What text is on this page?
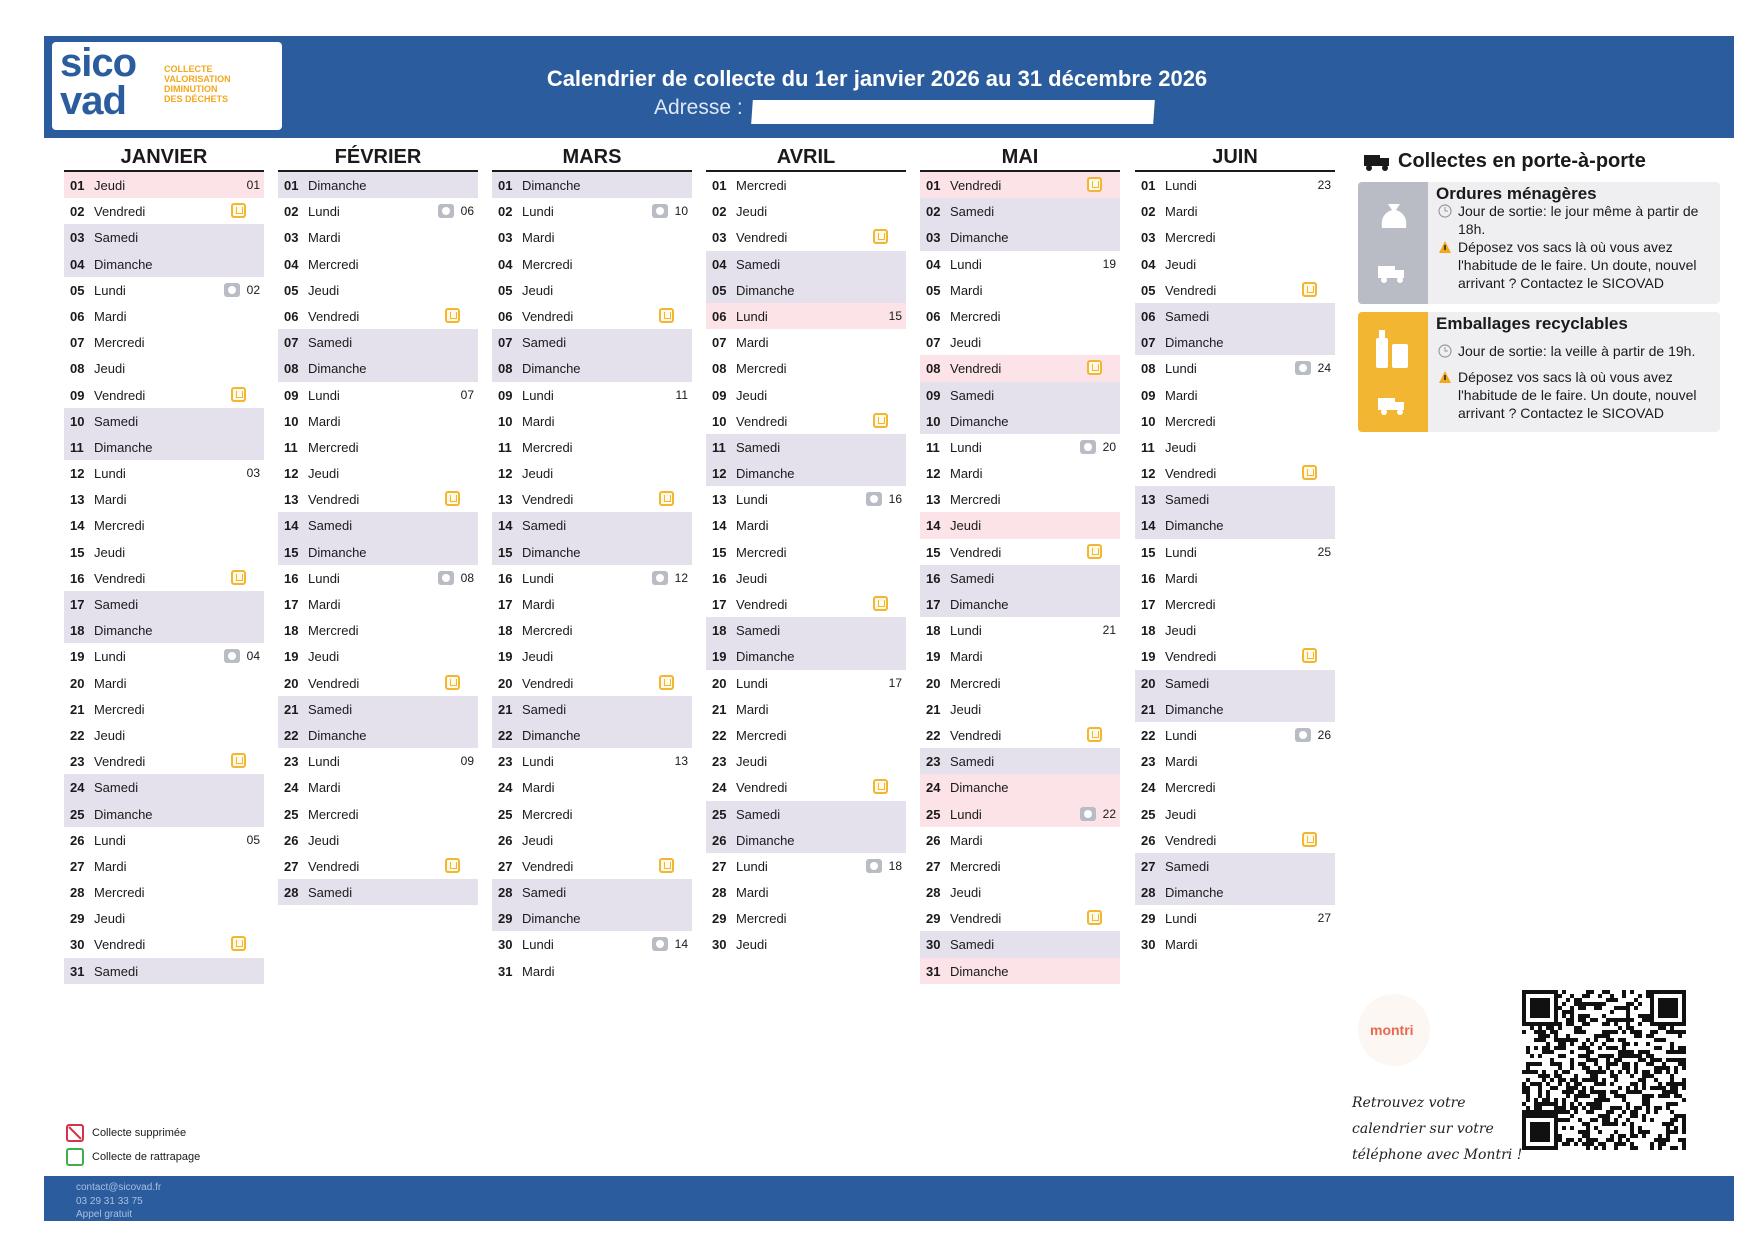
sico
vad
COLLECTE
VALORISATION
DIMINUTION
DES DÉCHETS
Calendrier de collecte du 1er janvier 2026 au 31 décembre 2026
Adresse :
JANVIER
01 Jeudi	01
02 Vendredi
03 Samedi
04 Dimanche
05 Lundi	02
06 Mardi
07 Mercredi
08 Jeudi
09 Vendredi
10 Samedi
11 Dimanche
12 Lundi	03
13 Mardi
14 Mercredi
15 Jeudi
16 Vendredi
17 Samedi
18 Dimanche
19 Lundi	04
20 Mardi
21 Mercredi
22 Jeudi
23 Vendredi
24 Samedi
25 Dimanche
26 Lundi	05
27 Mardi
28 Mercredi
29 Jeudi
30 Vendredi
31 Samedi
FÉVRIER
01 Dimanche
02 Lundi	06
03 Mardi
04 Mercredi
05 Jeudi
06 Vendredi
07 Samedi
08 Dimanche
09 Lundi	07
10 Mardi
11 Mercredi
12 Jeudi
13 Vendredi
14 Samedi
15 Dimanche
16 Lundi	08
17 Mardi
18 Mercredi
19 Jeudi
20 Vendredi
21 Samedi
22 Dimanche
23 Lundi	09
24 Mardi
25 Mercredi
26 Jeudi
27 Vendredi
28 Samedi
MARS
01 Dimanche
02 Lundi	10
03 Mardi
04 Mercredi
05 Jeudi
06 Vendredi
07 Samedi
08 Dimanche
09 Lundi	11
10 Mardi
11 Mercredi
12 Jeudi
13 Vendredi
14 Samedi
15 Dimanche
16 Lundi	12
17 Mardi
18 Mercredi
19 Jeudi
20 Vendredi
21 Samedi
22 Dimanche
23 Lundi	13
24 Mardi
25 Mercredi
26 Jeudi
27 Vendredi
28 Samedi
29 Dimanche
30 Lundi	14
31 Mardi
AVRIL
01 Mercredi
02 Jeudi
03 Vendredi
04 Samedi
05 Dimanche
06 Lundi	15
07 Mardi
08 Mercredi
09 Jeudi
10 Vendredi
11 Samedi
12 Dimanche
13 Lundi	16
14 Mardi
15 Mercredi
16 Jeudi
17 Vendredi
18 Samedi
19 Dimanche
20 Lundi	17
21 Mardi
22 Mercredi
23 Jeudi
24 Vendredi
25 Samedi
26 Dimanche
27 Lundi	18
28 Mardi
29 Mercredi
30 Jeudi
MAI
01 Vendredi
02 Samedi
03 Dimanche
04 Lundi	19
05 Mardi
06 Mercredi
07 Jeudi
08 Vendredi
09 Samedi
10 Dimanche
11 Lundi	20
12 Mardi
13 Mercredi
14 Jeudi
15 Vendredi
16 Samedi
17 Dimanche
18 Lundi	21
19 Mardi
20 Mercredi
21 Jeudi
22 Vendredi
23 Samedi
24 Dimanche
25 Lundi	22
26 Mardi
27 Mercredi
28 Jeudi
29 Vendredi
30 Samedi
31 Dimanche
JUIN
01 Lundi	23
02 Mardi
03 Mercredi
04 Jeudi
05 Vendredi
06 Samedi
07 Dimanche
08 Lundi	24
09 Mardi
10 Mercredi
11 Jeudi
12 Vendredi
13 Samedi
14 Dimanche
15 Lundi	25
16 Mardi
17 Mercredi
18 Jeudi
19 Vendredi
20 Samedi
21 Dimanche
22 Lundi	26
23 Mardi
24 Mercredi
25 Jeudi
26 Vendredi
27 Samedi
28 Dimanche
29 Lundi	27
30 Mardi
Collectes en porte-à-porte
Ordures ménagères
Jour de sortie: le jour même à partir de 18h.
Déposez vos sacs là où vous avez l'habitude de le faire. Un doute, nouvel arrivant ? Contactez le SICOVAD
Emballages recyclables
Jour de sortie: la veille à partir de 19h.
Déposez vos sacs là où vous avez l'habitude de le faire. Un doute, nouvel arrivant ? Contactez le SICOVAD
montri
Retrouvez votre
calendrier sur votre
téléphone avec Montri !
Collecte supprimée
Collecte de rattrapage
contact@sicovad.fr
03 29 31 33 75
Appel gratuit
